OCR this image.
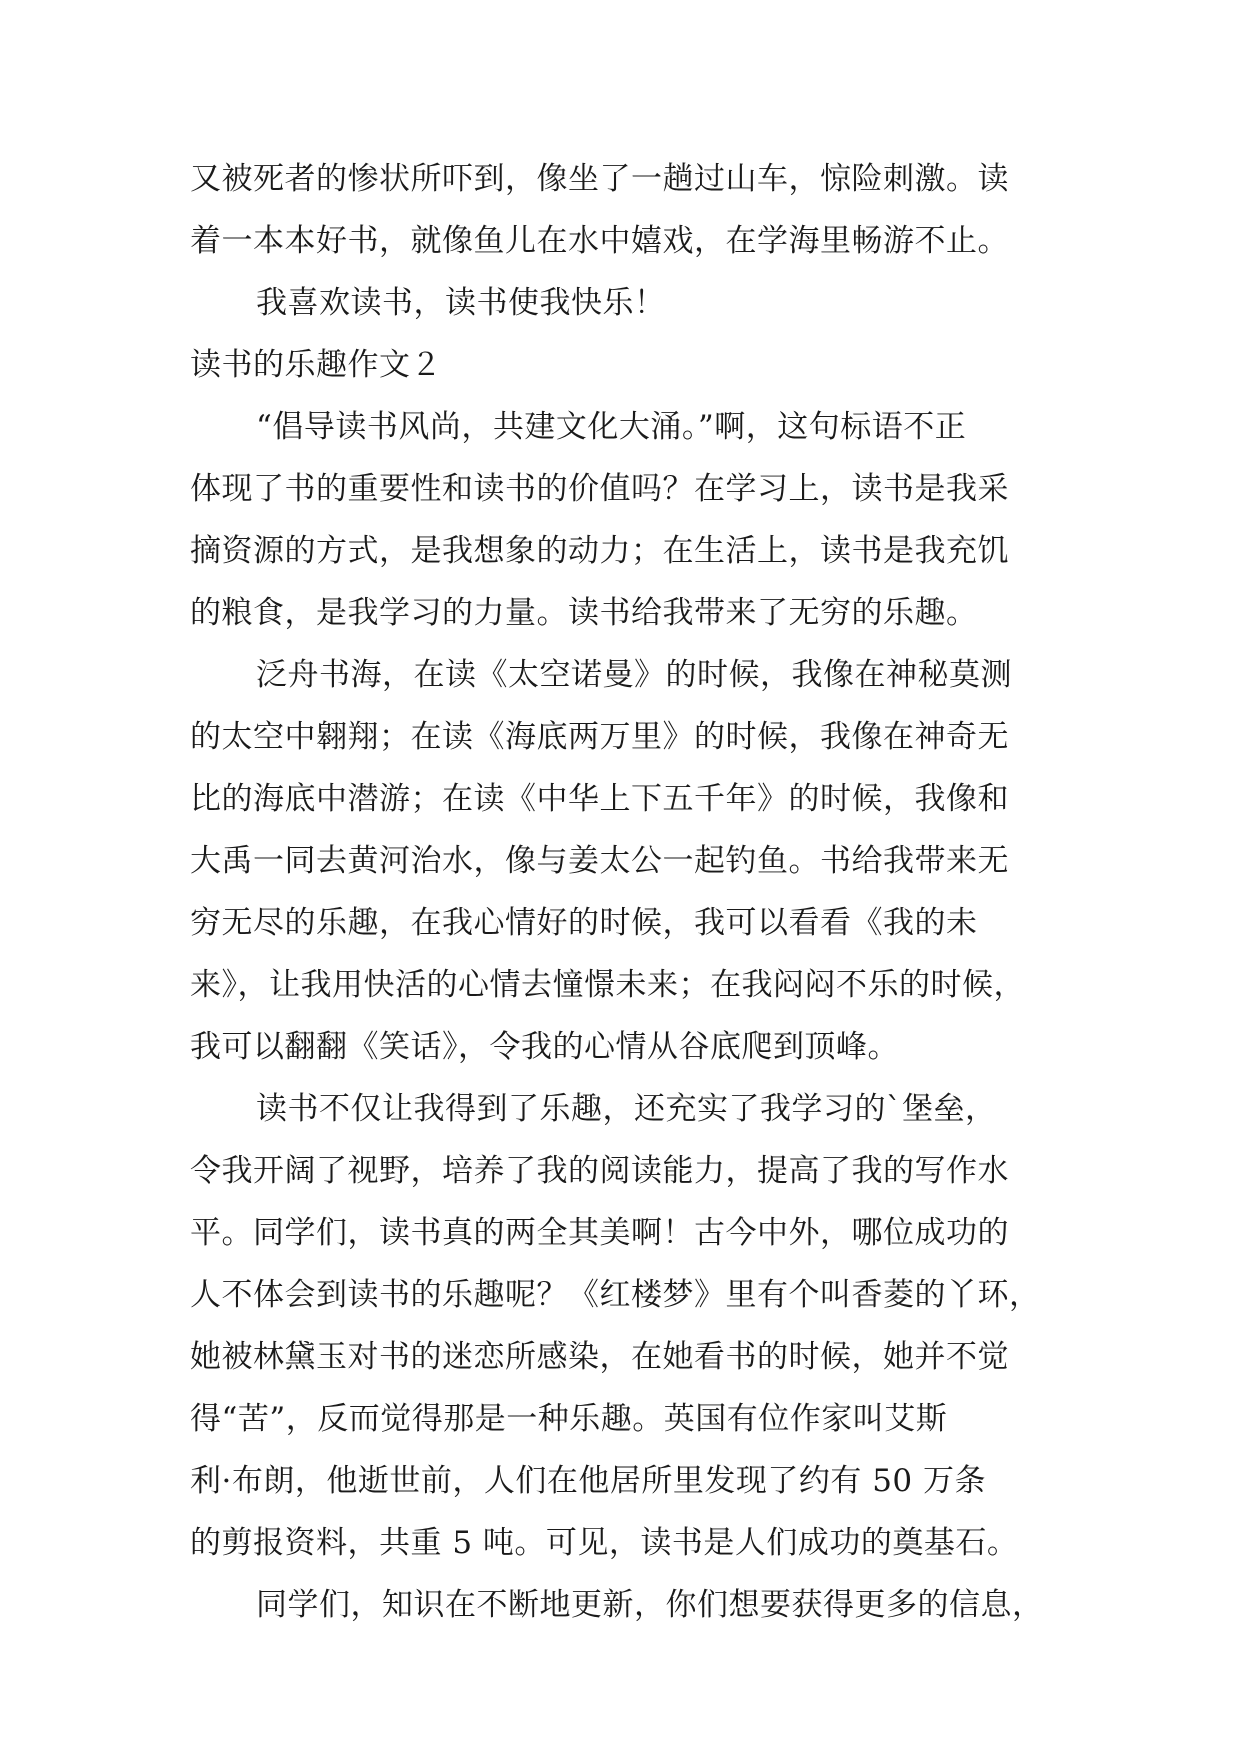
又被死者的惨状所吓到，像坐了一趟过山车，惊险刺激。读
着一本本好书，就像鱼儿在水中嬉戏，在学海里畅游不止。
我喜欢读书，读书使我快乐！
读书的乐趣作文２
“倡导读书风尚，共建文化大涌。”啊，这句标语不正
体现了书的重要性和读书的价值吗？在学习上，读书是我采
摘资源的方式，是我想象的动力；在生活上，读书是我充饥
的粮食，是我学习的力量。读书给我带来了无穷的乐趣。
泛舟书海，在读《太空诺曼》的时候，我像在神秘莫测
的太空中翱翔；在读《海底两万里》的时候，我像在神奇无
比的海底中潜游；在读《中华上下五千年》的时候，我像和
大禹一同去黄河治水，像与姜太公一起钓鱼。书给我带来无
穷无尽的乐趣，在我心情好的时候，我可以看看《我的未
来》，让我用快活的心情去憧憬未来；在我闷闷不乐的时候，
我可以翻翻《笑话》，令我的心情从谷底爬到顶峰。
读书不仅让我得到了乐趣，还充实了我学习的`堡垒，
令我开阔了视野，培养了我的阅读能力，提高了我的写作水
平。同学们，读书真的两全其美啊！古今中外，哪位成功的
人不体会到读书的乐趣呢？《红楼梦》里有个叫香菱的丫环，
她被林黛玉对书的迷恋所感染，在她看书的时候，她并不觉
得“苦”，反而觉得那是一种乐趣。英国有位作家叫艾斯
利·布朗，他逝世前，人们在他居所里发现了约有 50 万条
的剪报资料，共重 5 吨。可见，读书是人们成功的奠基石。
同学们，知识在不断地更新，你们想要获得更多的信息，
